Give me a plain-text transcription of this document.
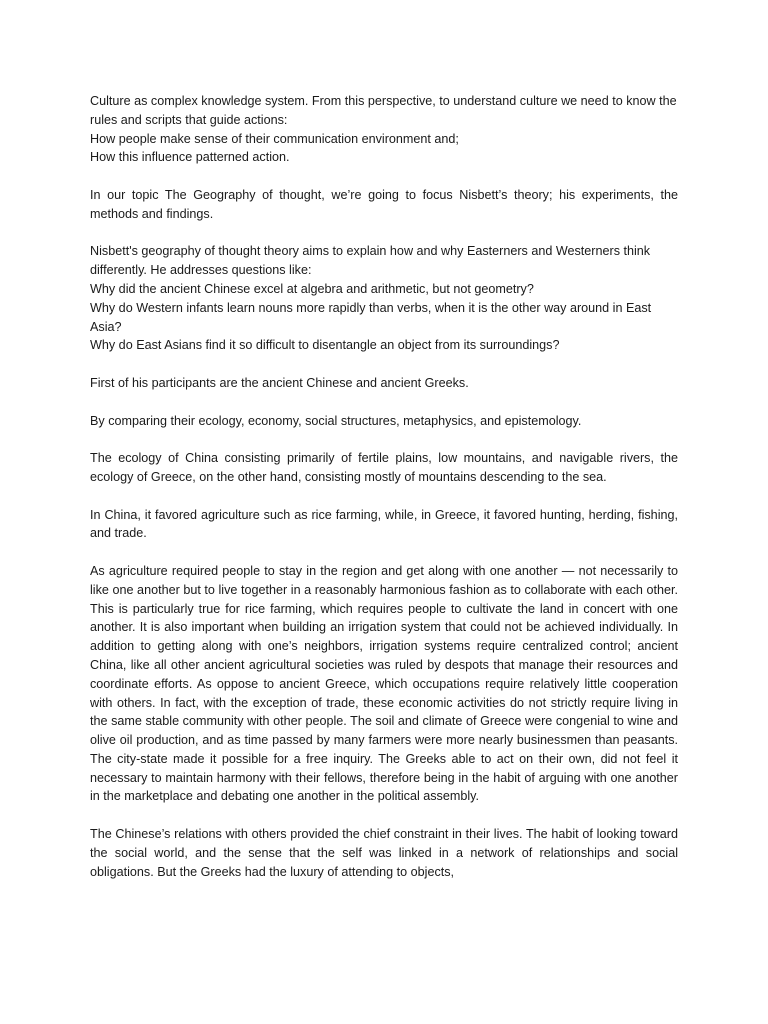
Culture as complex knowledge system. From this perspective, to understand culture we need to know the rules and scripts that guide actions:
How people make sense of their communication environment and;
How this influence patterned action.

In our topic The Geography of thought, we’re going to focus Nisbett’s theory; his experiments, the methods and findings.

Nisbett's geography of thought theory aims to explain how and why Easterners and Westerners think differently. He addresses questions like:
Why did the ancient Chinese excel at algebra and arithmetic, but not geometry?
Why do Western infants learn nouns more rapidly than verbs, when it is the other way around in East Asia?
Why do East Asians find it so difficult to disentangle an object from its surroundings?

First of his participants are the ancient Chinese and ancient Greeks.

By comparing their ecology, economy, social structures, metaphysics, and epistemology.

The ecology of China consisting primarily of fertile plains, low mountains, and navigable rivers, the ecology of Greece, on the other hand, consisting mostly of mountains descending to the sea.

In China, it favored agriculture such as rice farming, while, in Greece, it favored hunting, herding, fishing, and trade.

As agriculture required people to stay in the region and get along with one another — not necessarily to like one another but to live together in a reasonably harmonious fashion as to collaborate with each other. This is particularly true for rice farming, which requires people to cultivate the land in concert with one another. It is also important when building an irrigation system that could not be achieved individually. In addition to getting along with one’s neighbors, irrigation systems require centralized control; ancient China, like all other ancient agricultural societies was ruled by despots that manage their resources and coordinate efforts. As oppose to ancient Greece, which occupations require relatively little cooperation with others. In fact, with the exception of trade, these economic activities do not strictly require living in the same stable community with other people. The soil and climate of Greece were congenial to wine and olive oil production, and as time passed by many farmers were more nearly businessmen than peasants. The city-state made it possible for a free inquiry. The Greeks able to act on their own, did not feel it necessary to maintain harmony with their fellows, therefore being in the habit of arguing with one another in the marketplace and debating one another in the political assembly.

The Chinese’s relations with others provided the chief constraint in their lives. The habit of looking toward the social world, and the sense that the self was linked in a network of relationships and social obligations. But the Greeks had the luxury of attending to objects,
